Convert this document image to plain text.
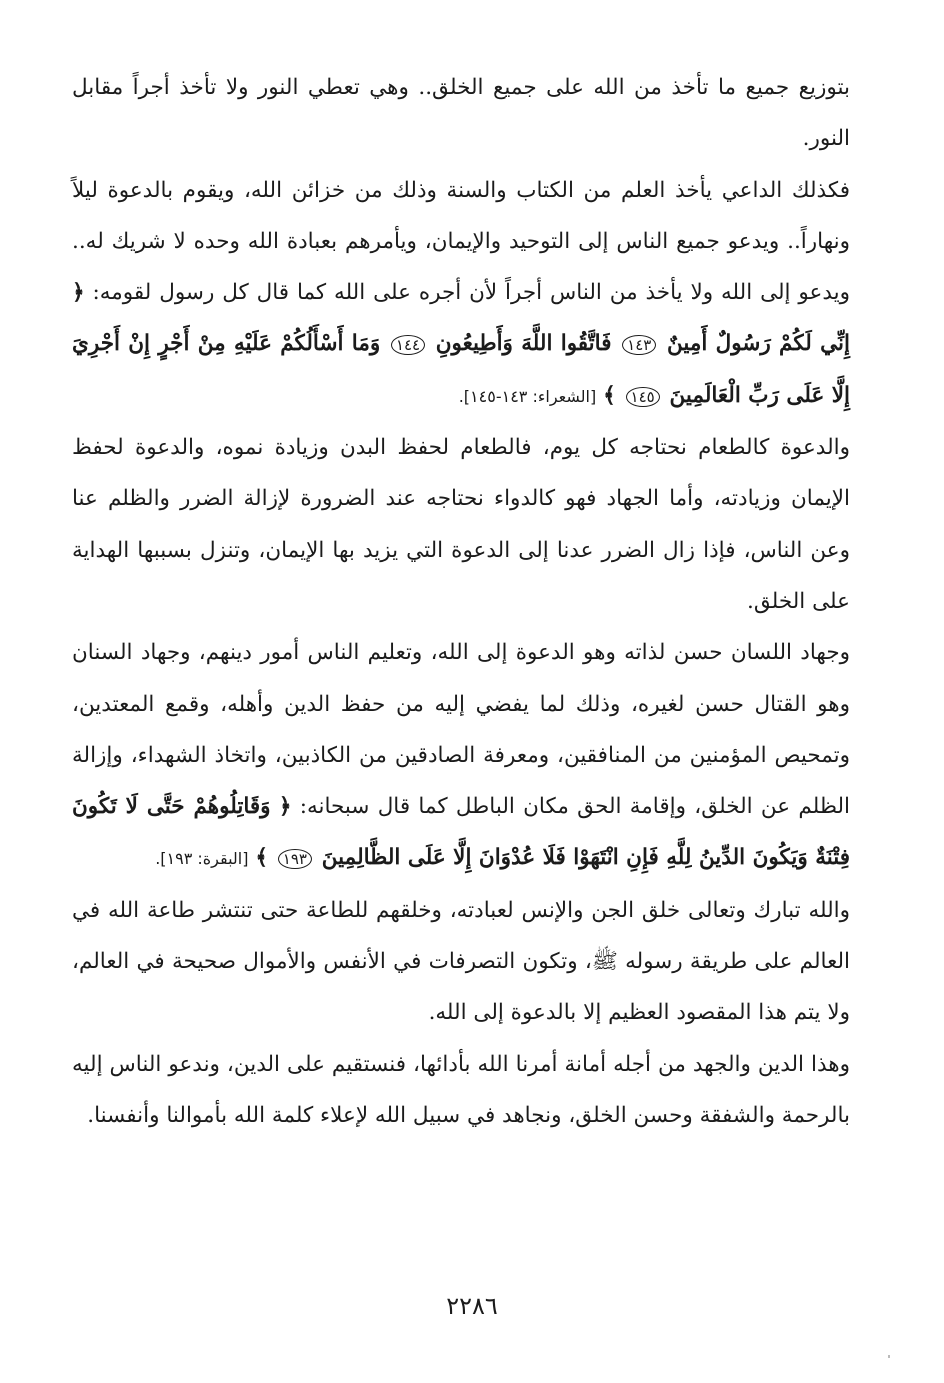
بتوزيع جميع ما تأخذ من الله على جميع الخلق.. وهي تعطي النور ولا تأخذ أجراً مقابل النور.
فكذلك الداعي يأخذ العلم من الكتاب والسنة وذلك من خزائن الله، ويقوم بالدعوة ليلاً ونهاراً.. ويدعو جميع الناس إلى التوحيد والإيمان، ويأمرهم بعبادة الله وحده لا شريك له.. ويدعو إلى الله ولا يأخذ من الناس أجراً لأن أجره على الله كما قال كل رسول لقومه: ﴿ إِنِّي لَكُمْ رَسُولٌ أَمِينٌ ١٤٣ فَاتَّقُوا اللَّهَ وَأَطِيعُونِ ١٤٤ وَمَا أَسْأَلُكُمْ عَلَيْهِ مِنْ أَجْرٍ إِنْ أَجْرِيَ إِلَّا عَلَى رَبِّ الْعَالَمِينَ ١٤٥ ﴾ [الشعراء: ١٤٣-١٤٥].
والدعوة كالطعام نحتاجه كل يوم، فالطعام لحفظ البدن وزيادة نموه، والدعوة لحفظ الإيمان وزيادته، وأما الجهاد فهو كالدواء نحتاجه عند الضرورة لإزالة الضرر والظلم عنا وعن الناس، فإذا زال الضرر عدنا إلى الدعوة التي يزيد بها الإيمان، وتنزل بسببها الهداية على الخلق.
وجهاد اللسان حسن لذاته وهو الدعوة إلى الله، وتعليم الناس أمور دينهم، وجهاد السنان وهو القتال حسن لغيره، وذلك لما يفضي إليه من حفظ الدين وأهله، وقمع المعتدين، وتمحيص المؤمنين من المنافقين، ومعرفة الصادقين من الكاذبين، واتخاذ الشهداء، وإزالة الظلم عن الخلق، وإقامة الحق مكان الباطل كما قال سبحانه: ﴿ وَقَاتِلُوهُمْ حَتَّى لَا تَكُونَ فِتْنَةٌ وَيَكُونَ الدِّينُ لِلَّهِ فَإِنِ انْتَهَوْا فَلَا عُدْوَانَ إِلَّا عَلَى الظَّالِمِينَ ١٩٣ ﴾ [البقرة: ١٩٣].
والله تبارك وتعالى خلق الجن والإنس لعبادته، وخلقهم للطاعة حتى تنتشر طاعة الله في العالم على طريقة رسوله ﷺ، وتكون التصرفات في الأنفس والأموال صحيحة في العالم، ولا يتم هذا المقصود العظيم إلا بالدعوة إلى الله.
وهذا الدين والجهد من أجله أمانة أمرنا الله بأدائها، فنستقيم على الدين، وندعو الناس إليه بالرحمة والشفقة وحسن الخلق، ونجاهد في سبيل الله لإعلاء كلمة الله بأموالنا وأنفسنا.
٢٢٨٦
